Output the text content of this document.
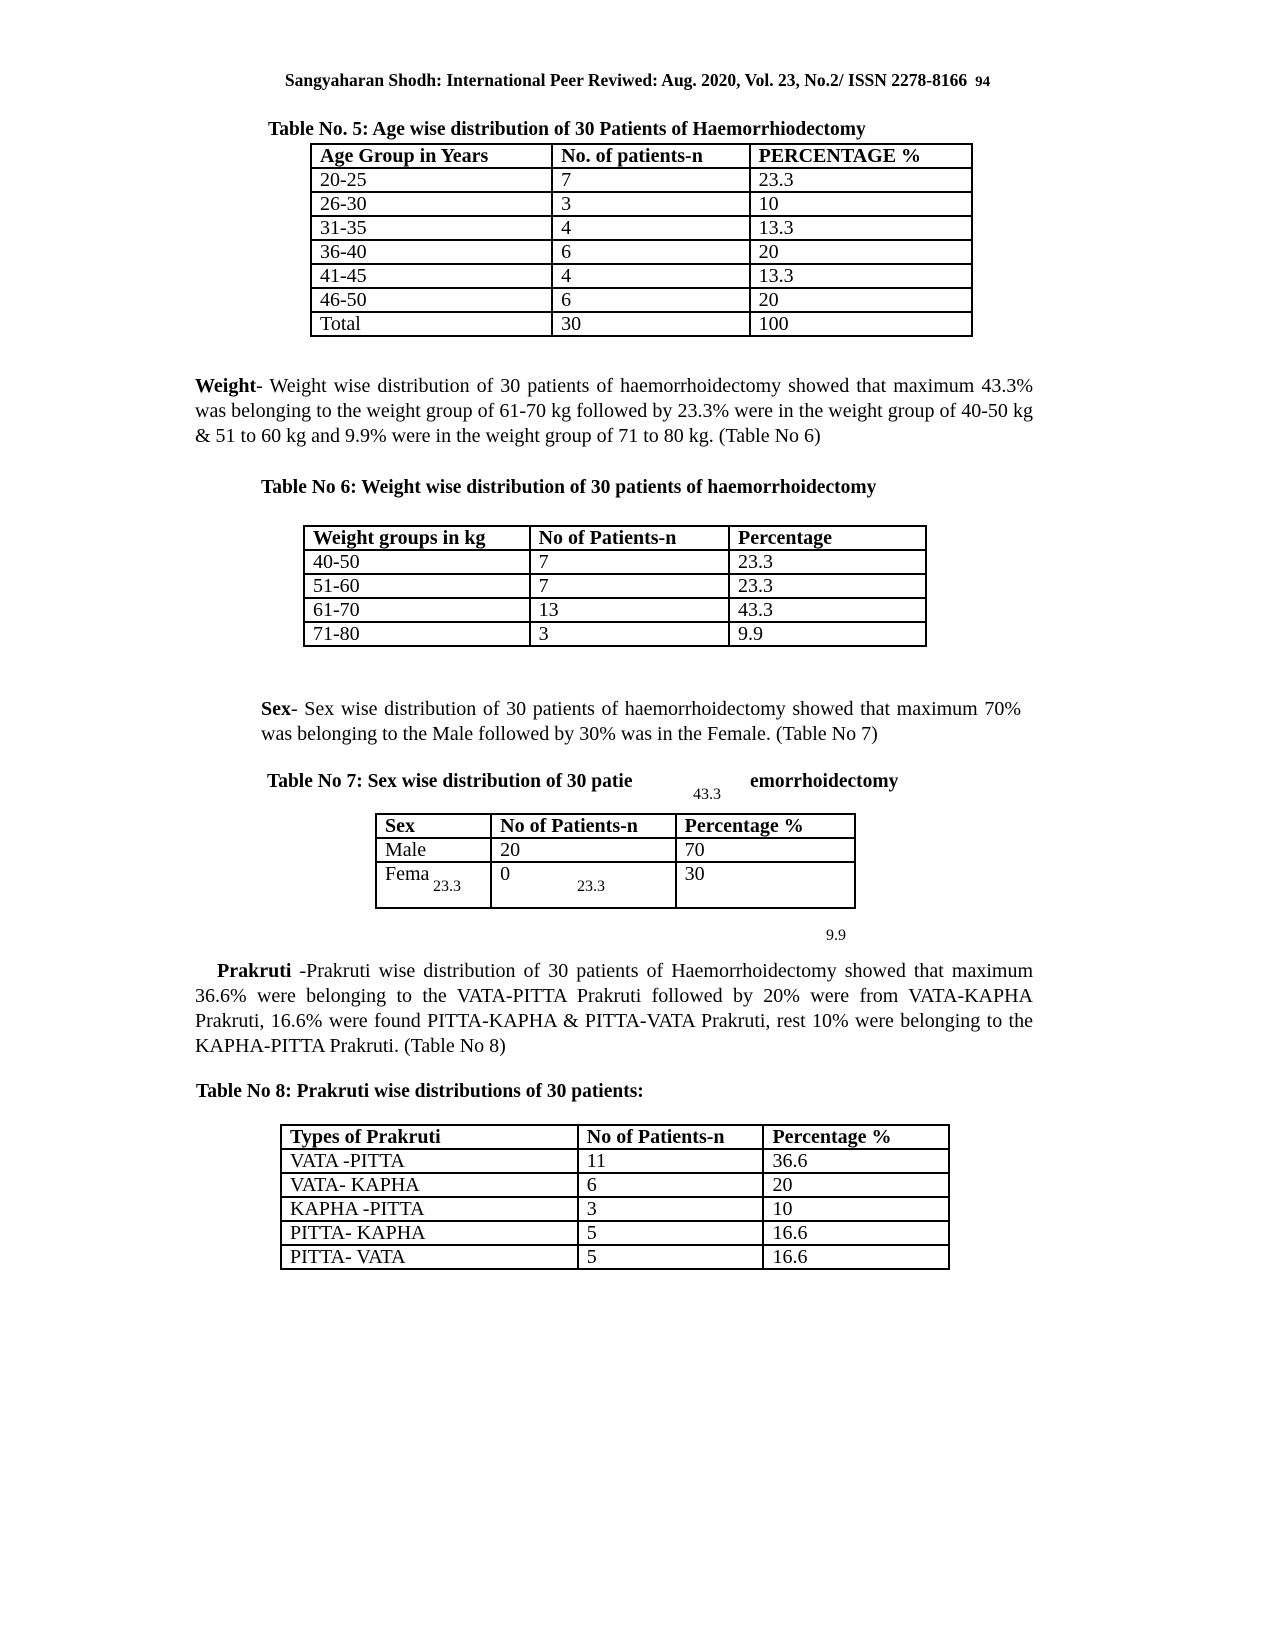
Sangyaharan Shodh: International Peer Reviwed: Aug. 2020, Vol. 23, No.2/ ISSN 2278-8166 94
Table No. 5: Age wise distribution of 30 Patients of Haemorrhiodectomy
Age Group in Years	No. of patients-n	PERCENTAGE %
20-25	7	23.3
26-30	3	10
31-35	4	13.3
36-40	6	20
41-45	4	13.3
46-50	6	20
Total	30	100
Weight- Weight wise distribution of 30 patients of haemorrhoidectomy showed that maximum 43.3% was belonging to the weight group of 61-70 kg followed by 23.3% were in the weight group of 40-50 kg & 51 to 60 kg and 9.9% were in the weight group of 71 to 80 kg. (Table No 6)
Table No 6: Weight wise distribution of 30 patients of haemorrhoidectomy
Weight groups in kg	No of Patients-n	Percentage
40-50	7	23.3
51-60	7	23.3
61-70	13	43.3
71-80	3	9.9
Sex- Sex wise distribution of 30 patients of haemorrhoidectomy showed that maximum 70% was belonging to the Male followed by 30% was in the Female. (Table No 7)
Table No 7: Sex wise distribution of 30 patie	emorrhoidectomy
43.3
Sex	No of Patients-n	Percentage %
Male	20	70
Fema	0	30
23.3	23.3
9.9
Prakruti -Prakruti wise distribution of 30 patients of Haemorrhoidectomy showed that maximum 36.6% were belonging to the VATA-PITTA Prakruti followed by 20% were from VATA-KAPHA Prakruti, 16.6% were found PITTA-KAPHA & PITTA-VATA Prakruti, rest 10% were belonging to the KAPHA-PITTA Prakruti. (Table No 8)
Table No 8: Prakruti wise distributions of 30 patients:
Types of Prakruti	No of Patients-n	Percentage %
VATA -PITTA	11	36.6
VATA- KAPHA	6	20
KAPHA -PITTA	3	10
PITTA- KAPHA	5	16.6
PITTA- VATA	5	16.6
